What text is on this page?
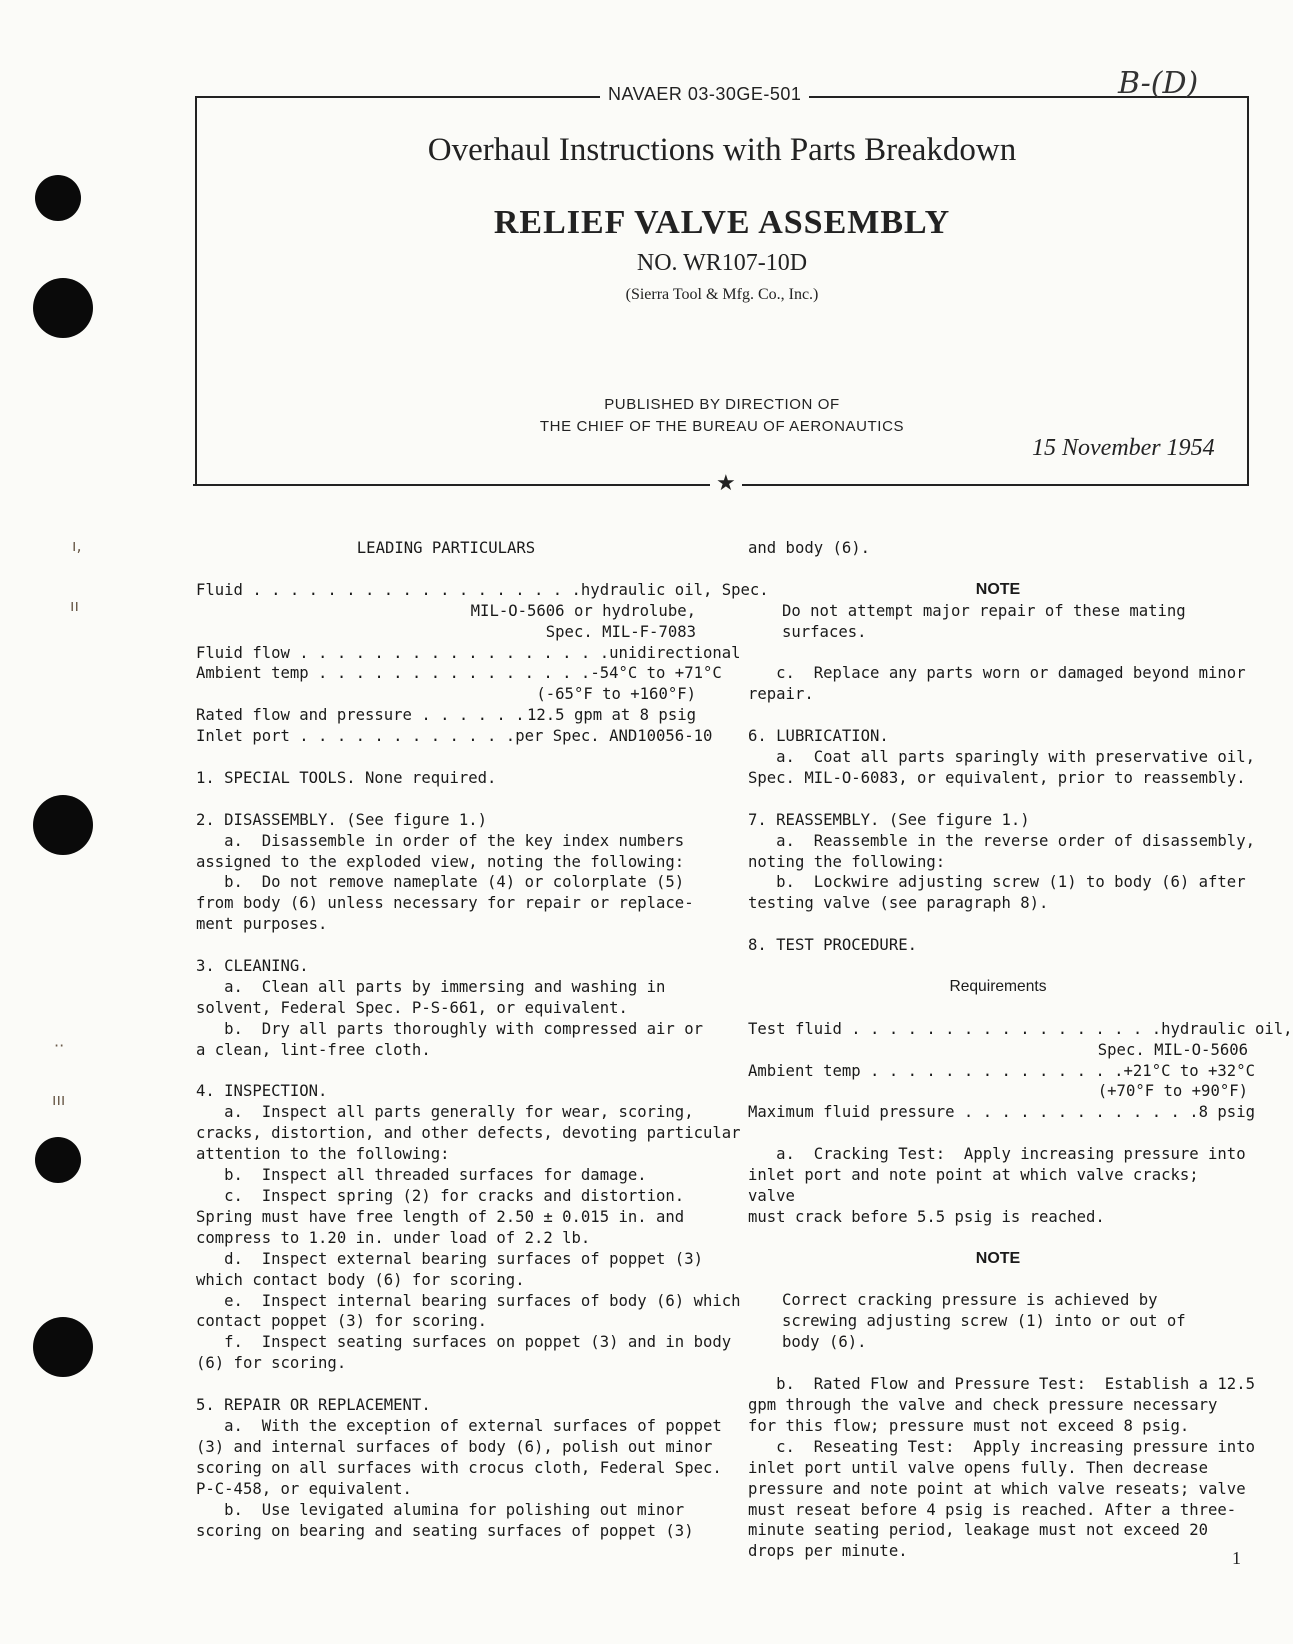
ı,
ıı
··
ııı
NAVAER 03-30GE-501	B-(D)
Overhaul Instructions with Parts Breakdown
RELIEF VALVE ASSEMBLY
NO. WR107-10D
(Sierra Tool & Mfg. Co., Inc.)
PUBLISHED BY DIRECTION OF
THE CHIEF OF THE BUREAU OF AERONAUTICS
15 November 1954
★

LEADING PARTICULARS

Fluid . . . . . . . . . . . . . . . . . . hydraulic oil, Spec.

MIL-O-5606 or hydrolube,

Spec. MIL-F-7083

Fluid flow . . . . . . . . . . . . . . . . . unidirectional
Ambient temp . . . . . . . . . . . . . . . -54°C to +71°C

(-65°F to +160°F)

Rated flow and pressure . . . . . . 12.5 gpm at 8 psig
Inlet port . . . . . . . . . . . . per Spec. AND10056-10

1. SPECIAL TOOLS. None required.

2. DISASSEMBLY. (See figure 1.)

a.  Disassemble in order of the key index numbers

assigned to the exploded view, noting the following:

b.  Do not remove nameplate (4) or colorplate (5)

from body (6) unless necessary for repair or replace-

ment purposes.

3. CLEANING.

a.  Clean all parts by immersing and washing in

solvent, Federal Spec. P-S-661, or equivalent.

b.  Dry all parts thoroughly with compressed air or

a clean, lint-free cloth.

4. INSPECTION.

a.  Inspect all parts generally for wear, scoring,

cracks, distortion, and other defects, devoting particular

attention to the following:

b.  Inspect all threaded surfaces for damage.

c.  Inspect spring (2) for cracks and distortion.

Spring must have free length of 2.50 ± 0.015 in. and

compress to 1.20 in. under load of 2.2 lb.

d.  Inspect external bearing surfaces of poppet (3)

which contact body (6) for scoring.

e.  Inspect internal bearing surfaces of body (6) which

contact poppet (3) for scoring.

f.  Inspect seating surfaces on poppet (3) and in body

(6) for scoring.

5. REPAIR OR REPLACEMENT.

a.  With the exception of external surfaces of poppet

(3) and internal surfaces of body (6), polish out minor

scoring on all surfaces with crocus cloth, Federal Spec.

P-C-458, or equivalent.

b.  Use levigated alumina for polishing out minor

scoring on bearing and seating surfaces of poppet (3)

and body (6).

NOTE

Do not attempt major repair of these mating

surfaces.

c.  Replace any parts worn or damaged beyond minor

repair.

6. LUBRICATION.

a.  Coat all parts sparingly with preservative oil,

Spec. MIL-O-6083, or equivalent, prior to reassembly.

7. REASSEMBLY. (See figure 1.)

a.  Reassemble in the reverse order of disassembly,

noting the following:

b.  Lockwire adjusting screw (1) to body (6) after

testing valve (see paragraph 8).

8. TEST PROCEDURE.

Requirements

Test fluid . . . . . . . . . . . . . . . . . hydraulic oil,

Spec. MIL-O-5606

Ambient temp . . . . . . . . . . . . . . +21°C to +32°C

(+70°F to +90°F)

Maximum fluid pressure . . . . . . . . . . . . . 8 psig

a.  Cracking Test:  Apply increasing pressure into

inlet port and note point at which valve cracks; valve

must crack before 5.5 psig is reached.

NOTE

Correct cracking pressure is achieved by

screwing adjusting screw (1) into or out of

body (6).

b.  Rated Flow and Pressure Test:  Establish a 12.5

gpm through the valve and check pressure necessary

for this flow; pressure must not exceed 8 psig.

c.  Reseating Test:  Apply increasing pressure into

inlet port until valve opens fully. Then decrease

pressure and note point at which valve reseats; valve

must reseat before 4 psig is reached. After a three-

minute seating period, leakage must not exceed 20

drops per minute.	1
